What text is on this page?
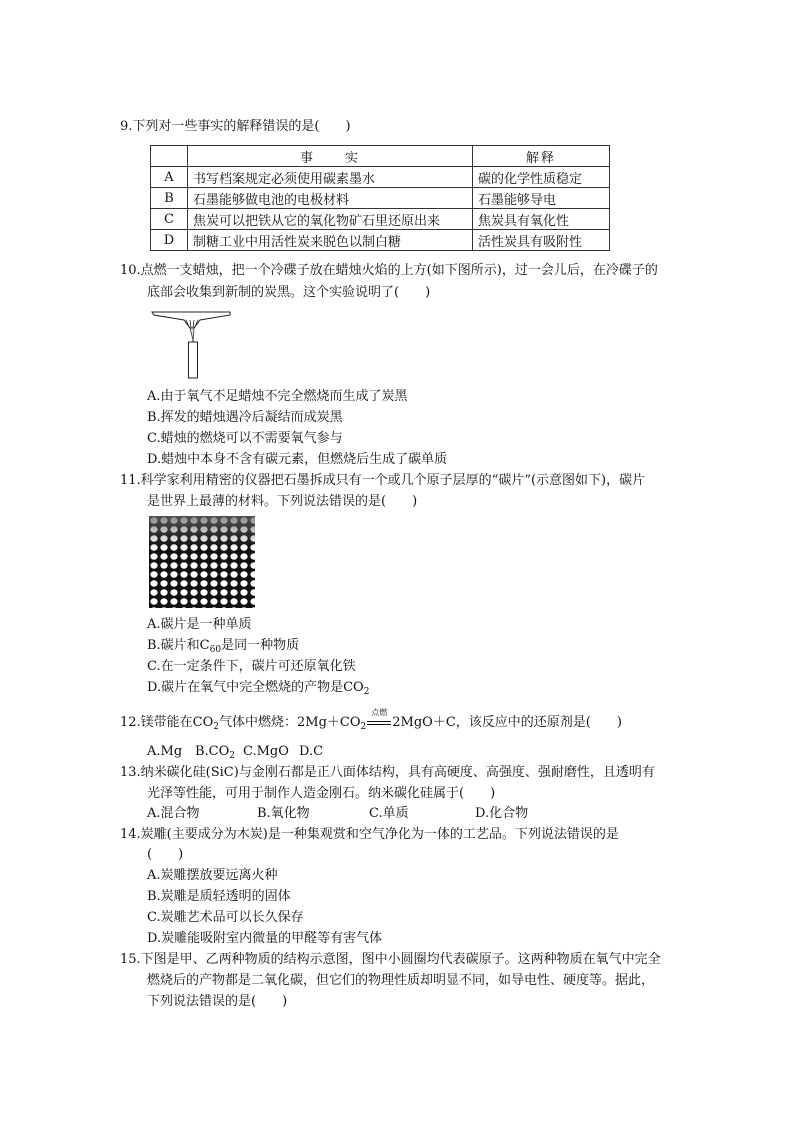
9.下列对一些事实的解释错误的是(　　)
	事　　实	解释
A	书写档案规定必须使用碳素墨水	碳的化学性质稳定
B	石墨能够做电池的电极材料	石墨能够导电
C	焦炭可以把铁从它的氧化物矿石里还原出来	焦炭具有氧化性
D	制糖工业中用活性炭来脱色以制白糖	活性炭具有吸附性
10.点燃一支蜡烛，把一个冷碟子放在蜡烛火焰的上方(如下图所示)，过一会儿后，在冷碟子的
底部会收集到新制的炭黑。这个实验说明了(　　)
A.由于氧气不足蜡烛不完全燃烧而生成了炭黑
B.挥发的蜡烛遇冷后凝结而成炭黑
C.蜡烛的燃烧可以不需要氧气参与
D.蜡烛中本身不含有碳元素，但燃烧后生成了碳单质
11.科学家利用精密的仪器把石墨拆成只有一个或几个原子层厚的“碳片”(示意图如下)，碳片
是世界上最薄的材料。下列说法错误的是(　　)
A.碳片是一种单质
B.碳片和$C_{60}$是同一种物质
C.在一定条件下，碳片可还原氧化铁
D.碳片在氧气中完全燃烧的产物是$CO_2$
12.镁带能在$CO_2$气体中燃烧：$2Mg+CO_2$
点燃
2MgO＋C，该反应中的还原剂是(　　)
A.Mg $B.CO_2$ C.MgO D.C
13.纳米碳化硅(SiC)与金刚石都是正八面体结构，具有高硬度、高强度、强耐磨性，且透明有
光泽等性能，可用于制作人造金刚石。纳米碳化硅属于(　　)
A.混合物	B.氧化物	C.单质	D.化合物
14.炭雕(主要成分为木炭)是一种集观赏和空气净化为一体的工艺品。下列说法错误的是
(　　)
A.炭雕摆放要远离火种
B.炭雕是质轻透明的固体
C.炭雕艺术品可以长久保存
D.炭雕能吸附室内微量的甲醛等有害气体
15.下图是甲、乙两种物质的结构示意图，图中小圆圈均代表碳原子。这两种物质在氧气中完全
燃烧后的产物都是二氧化碳，但它们的物理性质却明显不同，如导电性、硬度等。据此，
下列说法错误的是(　　)
